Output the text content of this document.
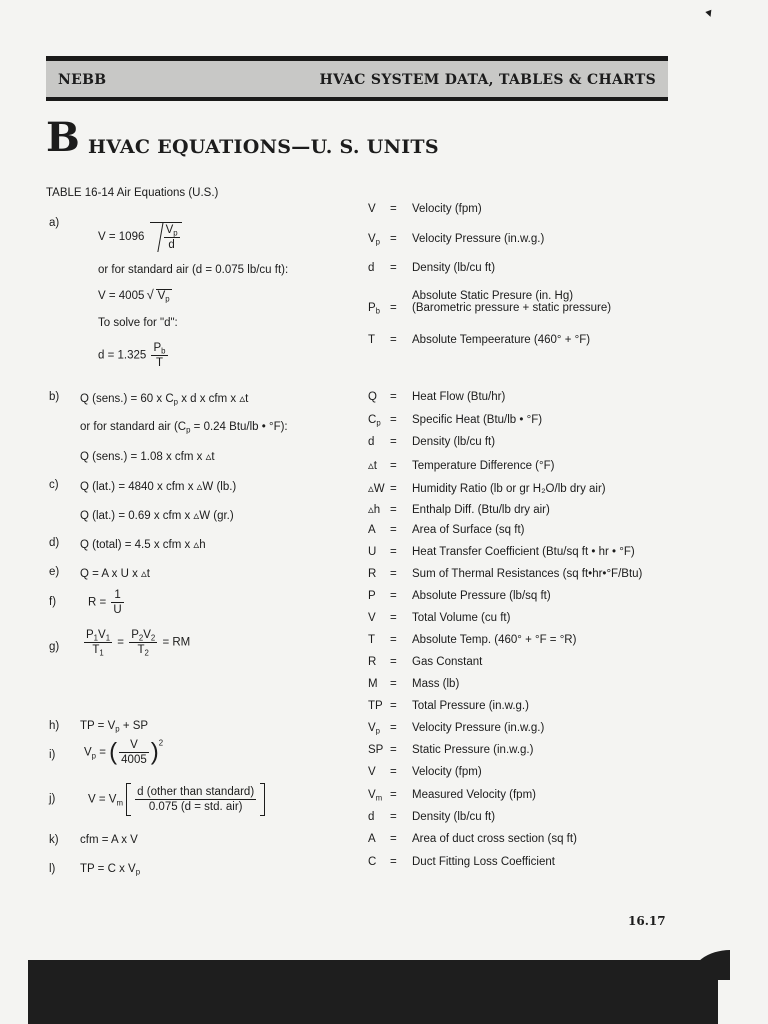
▼
NEBB	HVAC SYSTEM DATA, TABLES & CHARTS
B HVAC EQUATIONS—U. S. UNITS
TABLE 16-14 Air Equations (U.S.)
a)
$V = 1096 \frac{V_p}{d}$
or for standard air (d = 0.075 lb/cu ft):
V = 4005 √ $V_p$
To solve for "d":
$d = 1.325 \frac{P_b}{T}$
b) Q (sens.) = 60 x $C_p$ x d x cfm x ▵t
or for standard air ($C_p = 0.24$ Btu/lb • °F):
Q (sens.) = 1.08 x cfm x ▵t
c) Q (lat.) = 4840 x cfm x ▵W (lb.)
Q (lat.) = 0.69 x cfm x ▵W (gr.)
d) Q (total) = 4.5 x cfm x ▵h
e) Q = A x U x ▵t
f)	$R = \frac{1}{U}$
$g) \frac{P_1V_1}{T_1} = \frac{P_2V_2}{T_2}$ = RM
h) TP = $V_p$ + SP
i) $V_p$ = ( $\frac{V}{4005} )^2$
j)	$V = V_m \frac{\text{d (other than standard)}}{\text{0.075 (d = std. air)}}$
k) cfm = A x V
l) TP = C x $V_p$
V = Velocity (fpm)
$V_p$ = Velocity Pressure (in.w.g.)
d = Density (lb/cu ft)
$P_b$ =Absolute Static Presure (in. Hg)
(Barometric pressure + static pressure)
T = Absolute Tempeerature (460° + °F)
Q = Heat Flow (Btu/hr)
$C_p$ = Specific Heat (Btu/lb • °F)
d = Density (lb/cu ft)
▵t = Temperature Difference (°F)
▵W = Humidity Ratio (lb or gr H₂O/lb dry air)
▵h = Enthalp Diff. (Btu/lb dry air)
A = Area of Surface (sq ft)
U = Heat Transfer Coefficient (Btu/sq ft • hr • °F)
R = Sum of Thermal Resistances (sq ft•hr•°F/Btu)
P = Absolute Pressure (lb/sq ft)
V = Total Volume (cu ft)
T = Absolute Temp. (460° + °F = °R)
R = Gas Constant
M = Mass (lb)
TP = Total Pressure (in.w.g.)
$V_p$ = Velocity Pressure (in.w.g.)
SP = Static Pressure (in.w.g.)
V = Velocity (fpm)
$V_m$ = Measured Velocity (fpm)
d = Density (lb/cu ft)
A = Area of duct cross section (sq ft)
C = Duct Fitting Loss Coefficient
16.17
